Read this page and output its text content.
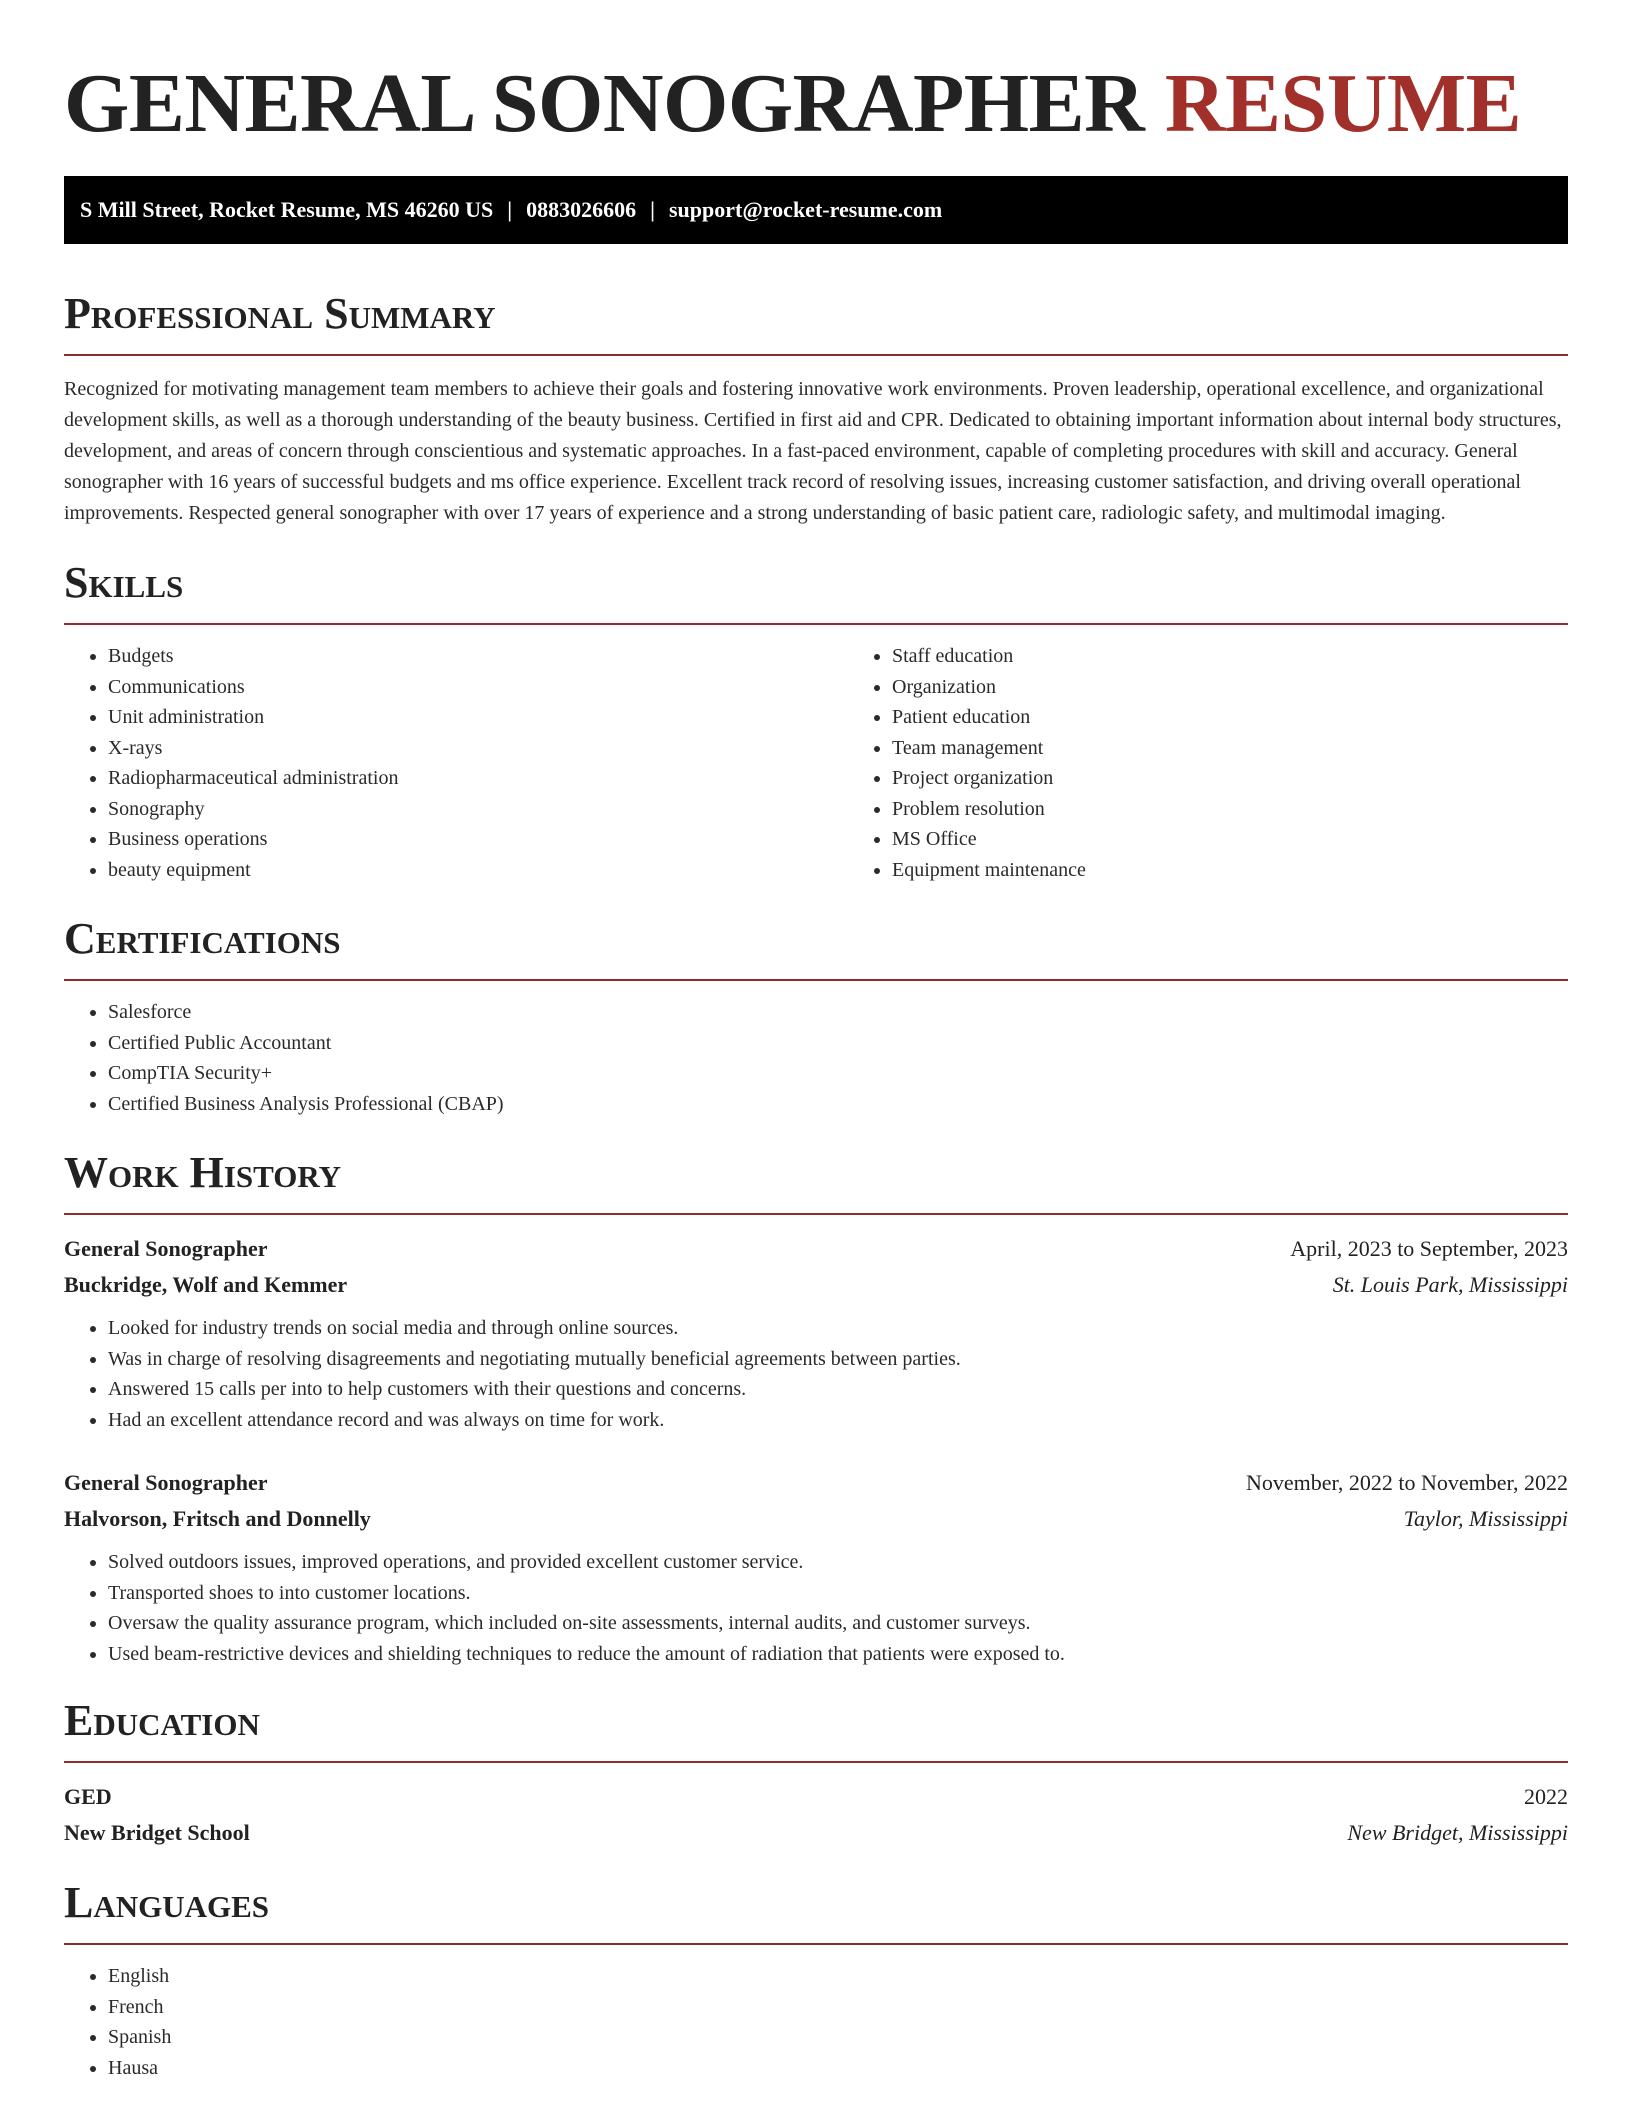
GENERAL SONOGRAPHER RESUME
S Mill Street, Rocket Resume, MS 46260 US | 0883026606 | support@rocket-resume.com
Professional Summary

Recognized for motivating management team members to achieve their goals and fostering innovative work environments. Proven leadership, operational excellence, and organizational development skills, as well as a thorough understanding of the beauty business. Certified in first aid and CPR. Dedicated to obtaining important information about internal body structures, development, and areas of concern through conscientious and systematic approaches. In a fast-paced environment, capable of completing procedures with skill and accuracy. General sonographer with 16 years of successful budgets and ms office experience. Excellent track record of resolving issues, increasing customer satisfaction, and driving overall operational improvements. Respected general sonographer with over 17 years of experience and a strong understanding of basic patient care, radiologic safety, and multimodal imaging.

Skills
• Budgets
• Communications
• Unit administration
• X-rays
• Radiopharmaceutical administration
• Sonography
• Business operations
• beauty equipment
• Staff education
• Organization
• Patient education
• Team management
• Project organization
• Problem resolution
• MS Office
• Equipment maintenance
Certifications
• Salesforce
• Certified Public Accountant
• CompTIA Security+
• Certified Business Analysis Professional (CBAP)
Work History
General Sonographer	April, 2023 to September, 2023
Buckridge, Wolf and Kemmer	St. Louis Park, Mississippi
• Looked for industry trends on social media and through online sources.
• Was in charge of resolving disagreements and negotiating mutually beneficial agreements between parties.
• Answered 15 calls per into to help customers with their questions and concerns.
• Had an excellent attendance record and was always on time for work.
General Sonographer	November, 2022 to November, 2022
Halvorson, Fritsch and Donnelly	Taylor, Mississippi
• Solved outdoors issues, improved operations, and provided excellent customer service.
• Transported shoes to into customer locations.
• Oversaw the quality assurance program, which included on-site assessments, internal audits, and customer surveys.
• Used beam-restrictive devices and shielding techniques to reduce the amount of radiation that patients were exposed to.
Education
GED	2022
New Bridget School	New Bridget, Mississippi
Languages
• English
• French
• Spanish
• Hausa
